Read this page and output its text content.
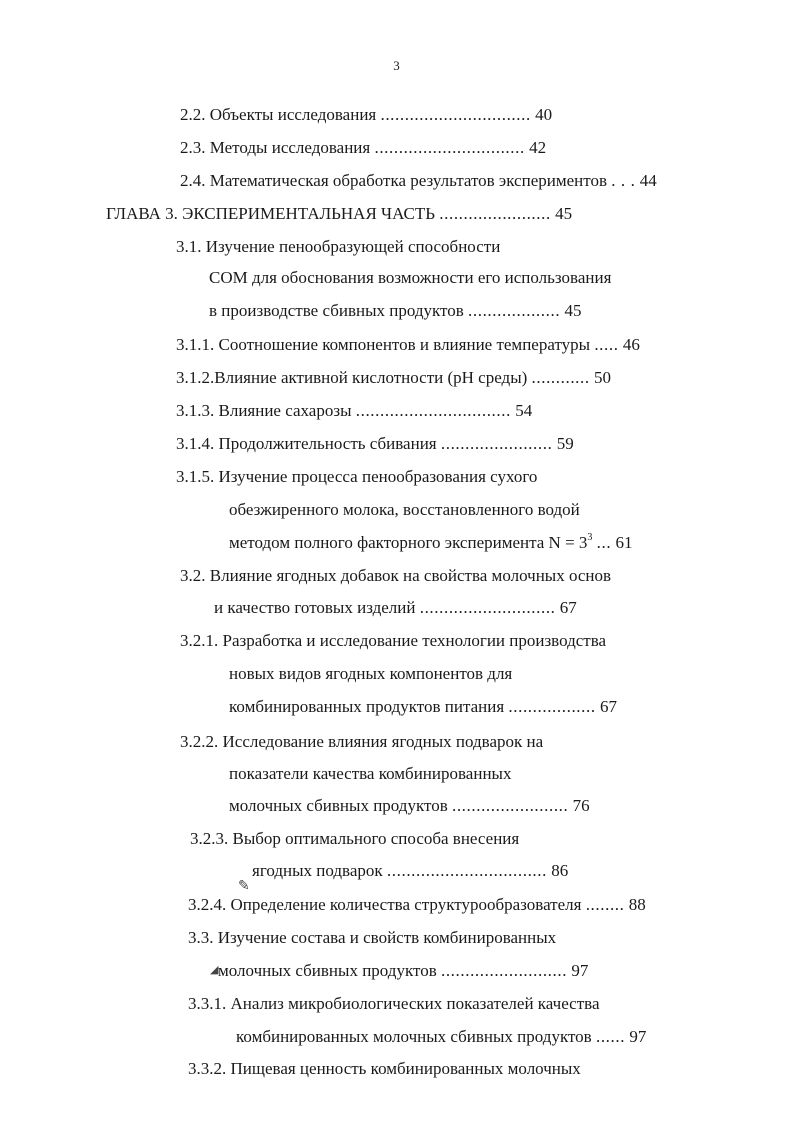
3
2.2. Объекты исследования ............................... 40
2.3. Методы исследования ............................... 42
2.4. Математическая обработка результатов экспериментов . . . 44
ГЛАВА 3. ЭКСПЕРИМЕНТАЛЬНАЯ ЧАСТЬ ....................... 45
3.1. Изучение пенообразующей способности
СОМ для обоснования возможности его использования
в производстве сбивных продуктов ................... 45
3.1.1. Соотношение компонентов и влияние температуры ..... 46
3.1.2.Влияние активной кислотности (рН среды) ............ 50
3.1.3. Влияние сахарозы ................................ 54
3.1.4. Продолжительность сбивания ....................... 59
3.1.5. Изучение процесса пенообразования сухого
обезжиренного молока, восстановленного водой
методом полного факторного эксперимента $N = 3^3$ ... 61
3.2. Влияние ягодных добавок на свойства молочных основ
и качество готовых изделий ............................ 67
3.2.1. Разработка и исследование технологии производства
новых видов ягодных компонентов для
комбинированных продуктов питания .................. 67
3.2.2. Исследование влияния ягодных подварок на
показатели качества комбинированных
молочных сбивных продуктов ........................ 76
3.2.3. Выбор оптимального способа внесения
ягодных подварок ................................. 86
3.2.4. Определение количества структурообразователя ........ 88
3.3. Изучение состава и свойств комбинированных
молочных сбивных продуктов .......................... 97
3.3.1. Анализ микробиологических показателей качества
комбинированных молочных сбивных продуктов ...... 97
3.3.2. Пищевая ценность комбинированных молочных
✎
◢
